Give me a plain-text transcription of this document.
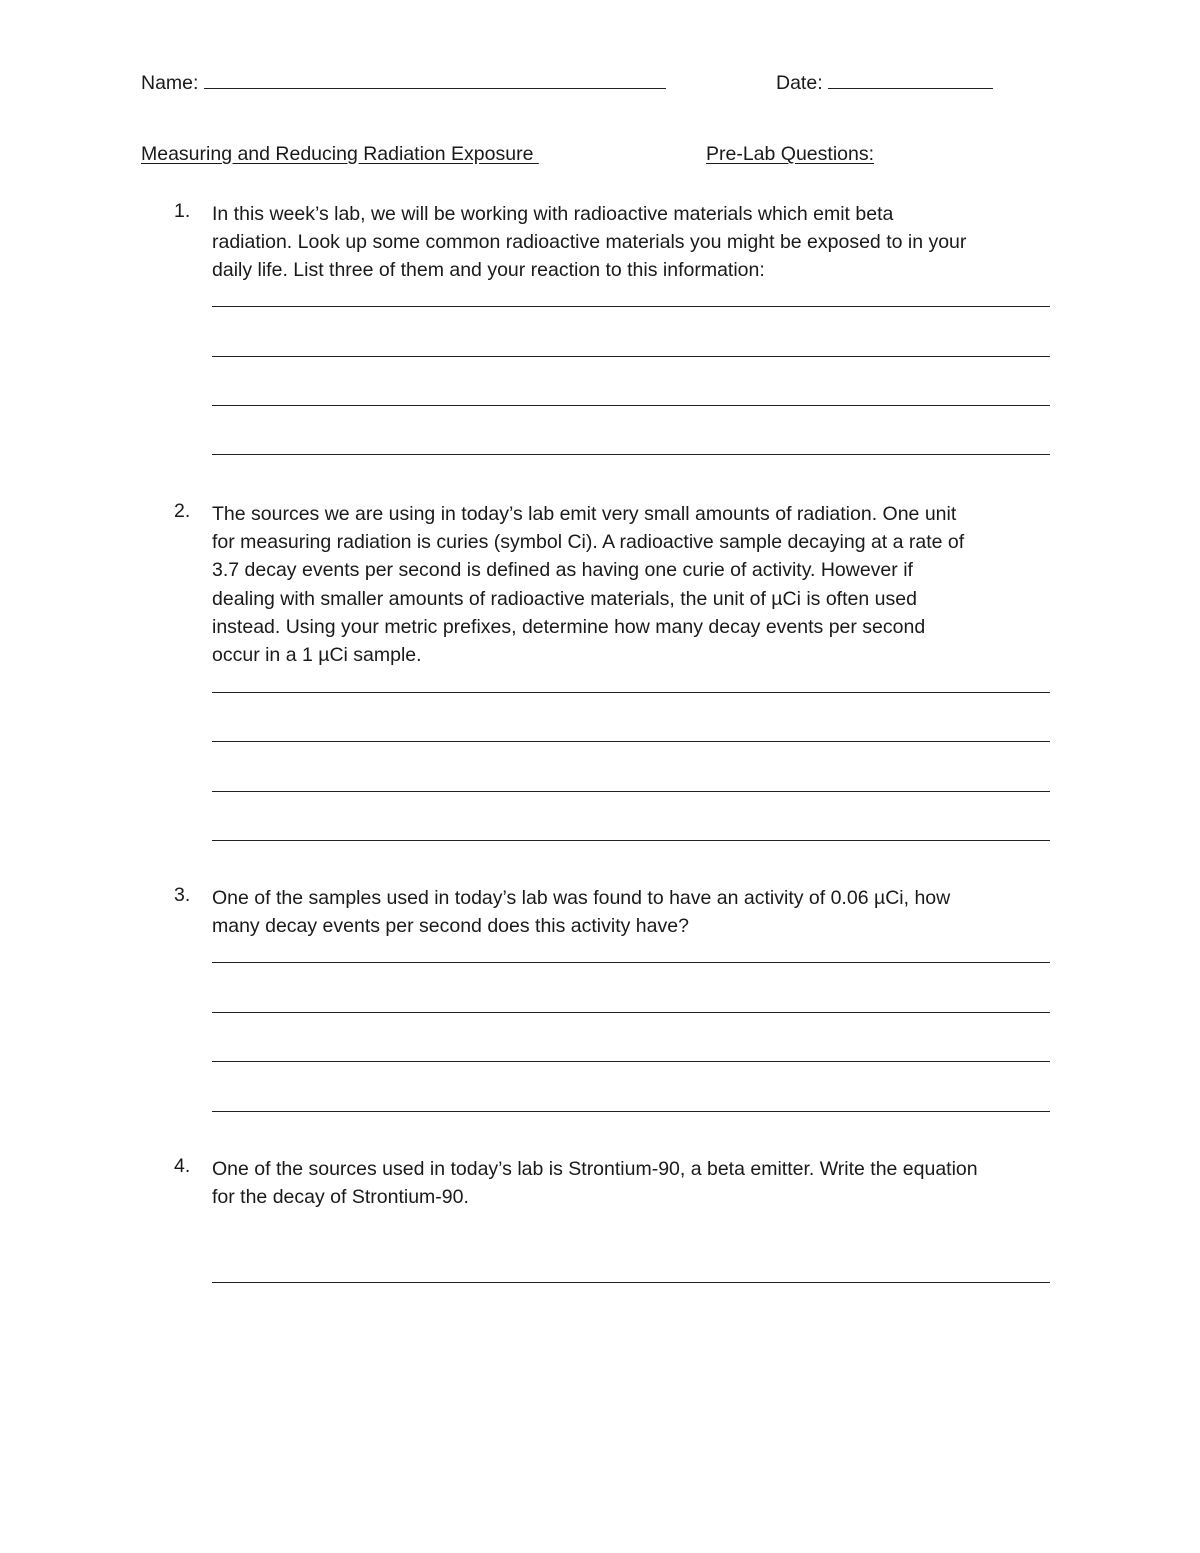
Name:	Date:
Measuring and Reducing Radiation Exposure	Pre-Lab Questions:
1. In this week’s lab, we will be working with radioactive materials which emit beta
radiation. Look up some common radioactive materials you might be exposed to in your
daily life. List three of them and your reaction to this information:
2. The sources we are using in today’s lab emit very small amounts of radiation. One unit
for measuring radiation is curies (symbol Ci). A radioactive sample decaying at a rate of
3.7 decay events per second is defined as having one curie of activity. However if
dealing with smaller amounts of radioactive materials, the unit of µCi is often used
instead. Using your metric prefixes, determine how many decay events per second
occur in a 1 µCi sample.
3. One of the samples used in today’s lab was found to have an activity of 0.06 µCi, how
many decay events per second does this activity have?
4. One of the sources used in today’s lab is Strontium-90, a beta emitter. Write the equation
for the decay of Strontium-90.
